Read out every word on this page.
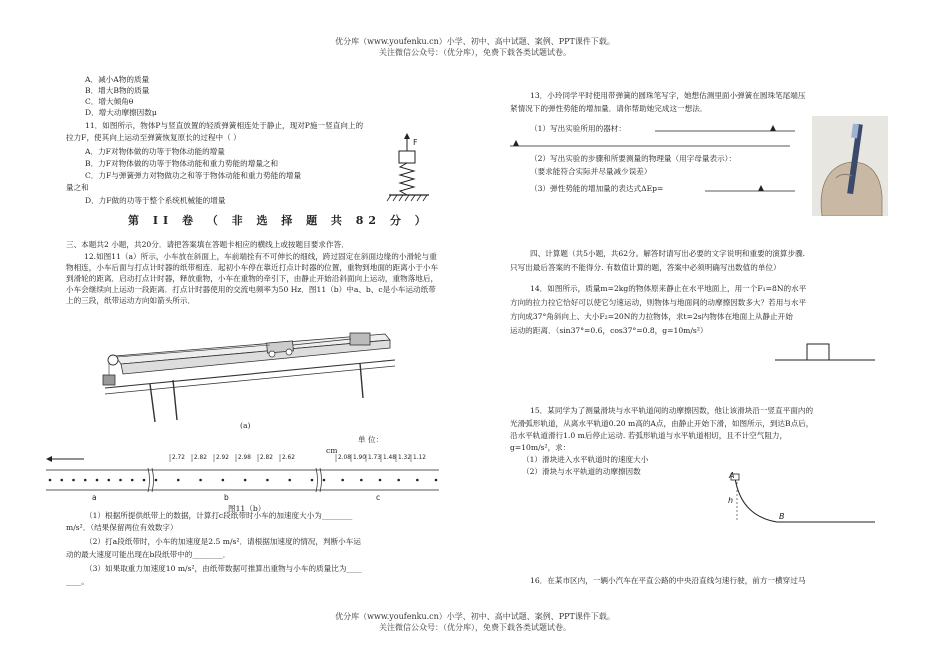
优分库（www.youfenku.cn）小学、初中、高中试题、案例、PPT课件下载。
关注微信公众号：（优分库），免费下载各类试题试卷。
A．减小A物的质量
B．增大B物的质量
C．增大倾角θ
D．增大动摩擦因数μ
11．如图所示，物体P与竖直放置的轻质弹簧相连处于静止，现对P施一竖直向上的
拉力F，使其向上运动至弹簧恢复原长的过程中（ ）
A．力F对物体做的功等于物体动能的增量
B．力F对物体做的功等于物体动能和重力势能的增量之和
C．力F与弹簧弹力对物做功之和等于物体动能和重力势能的增量
量之和
D．力F做的功等于整个系统机械能的增量
F
第 II 卷 （ 非 选 择 题 共 82 分 ）
三、本题共2 小题，共20分．请把答案填在答题卡相应的横线上或按题目要求作答．
12.如图11（a）所示，小车放在斜面上，车前端拴有不可伸长的细线，跨过固定在斜面边缘的小滑轮与重物相连，小车后面与打点计时器的纸带相连．起初小车停在靠近打点计时器的位置，重物到地面的距离小于小车到滑轮的距离．启动打点计时器，释放重物，小车在重物的牵引下，由静止开始沿斜面向上运动，重物落地后，小车会继续向上运动一段距离．打点计时器使用的交流电频率为50 Hz．图11（b）中a、b、c是小车运动纸带上的三段，纸带运动方向如箭头所示．
(a)
单 位：
cm
2.72 2.82 2.92 2.98 2.82 2.62	2.08 1.90 1.73 1.48 1.32 1.12
a	b	c
图11（b）
（1）根据所提供纸带上的数据，计算打c段纸带时小车的加速度大小为________
m/s²．（结果保留两位有效数字）
（2）打a段纸带时，小车的加速度是2.5 m/s²．请根据加速度的情况，判断小车运
动的最大速度可能出现在b段纸带中的________．
（3）如果取重力加速度10 m/s²，由纸带数据可推算出重物与小车的质量比为____
____。
13．小玲同学平时使用带弹簧的圆珠笔写字，她想估测里面小弹簧在圆珠笔尾端压
紧情况下的弹性势能的增加量．请你帮助她完成这一想法．
（1）写出实验所用的器材：
（2）写出实验的步骤和所要测量的物理量（用字母量表示）：
（要求能符合实际并尽量减少误差）
（3）弹性势能的增加量的表达式ΔEp=
四、计算题（共5小题，共62分。解答时请写出必要的文字说明和重要的演算步骤.
只写出最后答案的不能得分. 有数值计算的题，答案中必须明确写出数值的单位）
14．如图所示，质量m=2kg的物体原来静止在水平地面上，用一个F₁=8N的水平
方向的拉力拉它恰好可以使它匀速运动，则物体与地面间的动摩擦因数多大？若用与水平
方向成37°角斜向上、大小F₂=20N的力拉物体，求t=2s内物体在地面上从静止开始
运动的距离．（sin37°=0.6，cos37°=0.8，g=10m/s²）
15．某同学为了测量滑块与水平轨道间的动摩擦因数，他让该滑块沿一竖直平面内的
光滑弧形轨道，从离水平轨道0.20 m高的A点，由静止开始下滑，如图所示，到达B点后，
沿水平轨道滑行1.0 m后停止运动. 若弧形轨道与水平轨道相切，且不计空气阻力，
g=10m/s²，求：
（1）滑块进入水平轨道时的速度大小
（2）滑块与水平轨道的动摩擦因数	A
h
B
16．在某市区内，一辆小汽车在平直公路的中央沿直线匀速行驶，前方一横穿过马
优分库（www.youfenku.cn）小学、初中、高中试题、案例、PPT课件下载。
关注微信公众号：（优分库），免费下载各类试题试卷。
